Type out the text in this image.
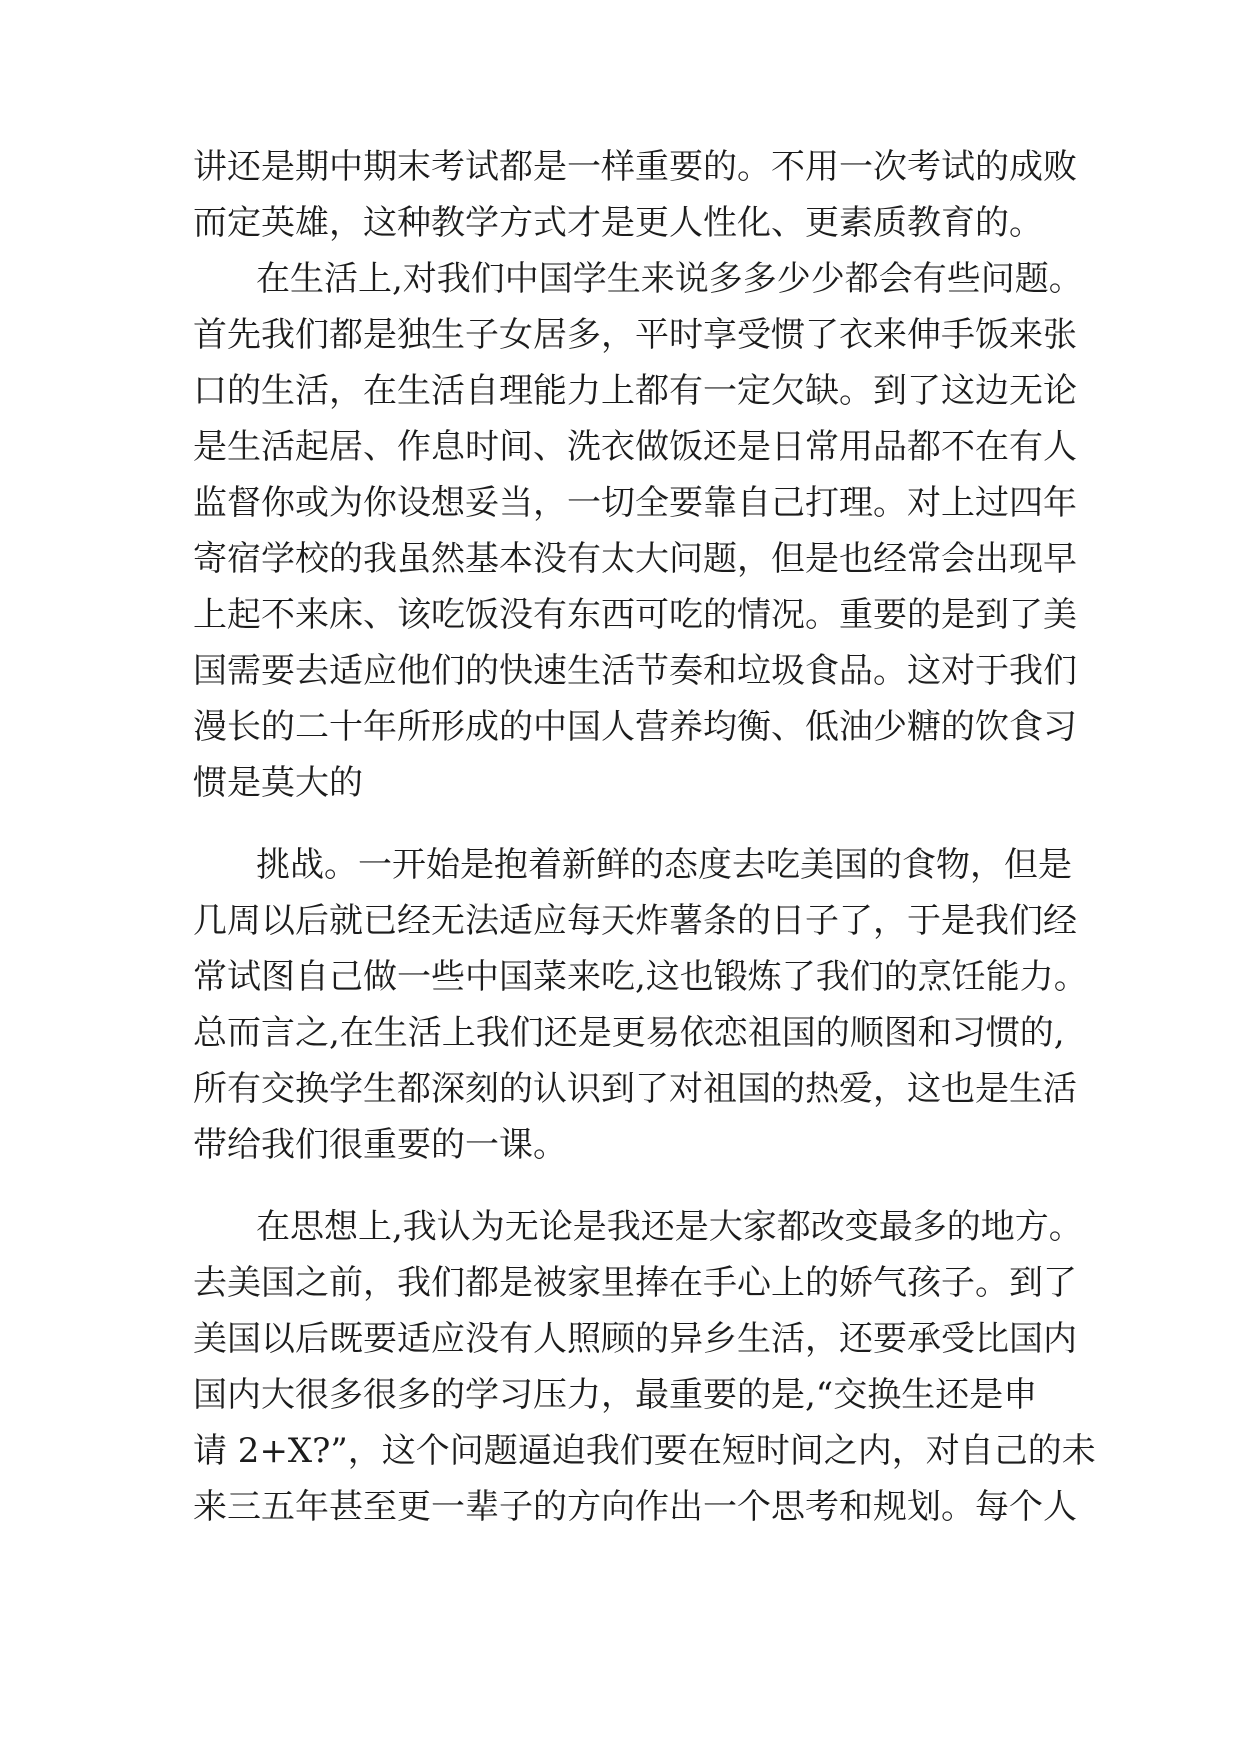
讲还是期中期末考试都是一样重要的。不用一次考试的成败

而定英雄，这种教学方式才是更人性化、更素质教育的。

在生活上,对我们中国学生来说多多少少都会有些问题。

首先我们都是独生子女居多，平时享受惯了衣来伸手饭来张

口的生活，在生活自理能力上都有一定欠缺。到了这边无论

是生活起居、作息时间、洗衣做饭还是日常用品都不在有人

监督你或为你设想妥当，一切全要靠自己打理。对上过四年

寄宿学校的我虽然基本没有太大问题，但是也经常会出现早

上起不来床、该吃饭没有东西可吃的情况。重要的是到了美

国需要去适应他们的快速生活节奏和垃圾食品。这对于我们

漫长的二十年所形成的中国人营养均衡、低油少糖的饮食习

惯是莫大的

挑战。一开始是抱着新鲜的态度去吃美国的食物，但是

几周以后就已经无法适应每天炸薯条的日子了，于是我们经

常试图自己做一些中国菜来吃,这也锻炼了我们的烹饪能力。

总而言之,在生活上我们还是更易依恋祖国的顺图和习惯的,

所有交换学生都深刻的认识到了对祖国的热爱，这也是生活

带给我们很重要的一课。

在思想上,我认为无论是我还是大家都改变最多的地方。

去美国之前，我们都是被家里捧在手心上的娇气孩子。到了

美国以后既要适应没有人照顾的异乡生活，还要承受比国内

国内大很多很多的学习压力，最重要的是,“交换生还是申

请 2+X?”，这个问题逼迫我们要在短时间之内，对自己的未

来三五年甚至更一辈子的方向作出一个思考和规划。每个人
